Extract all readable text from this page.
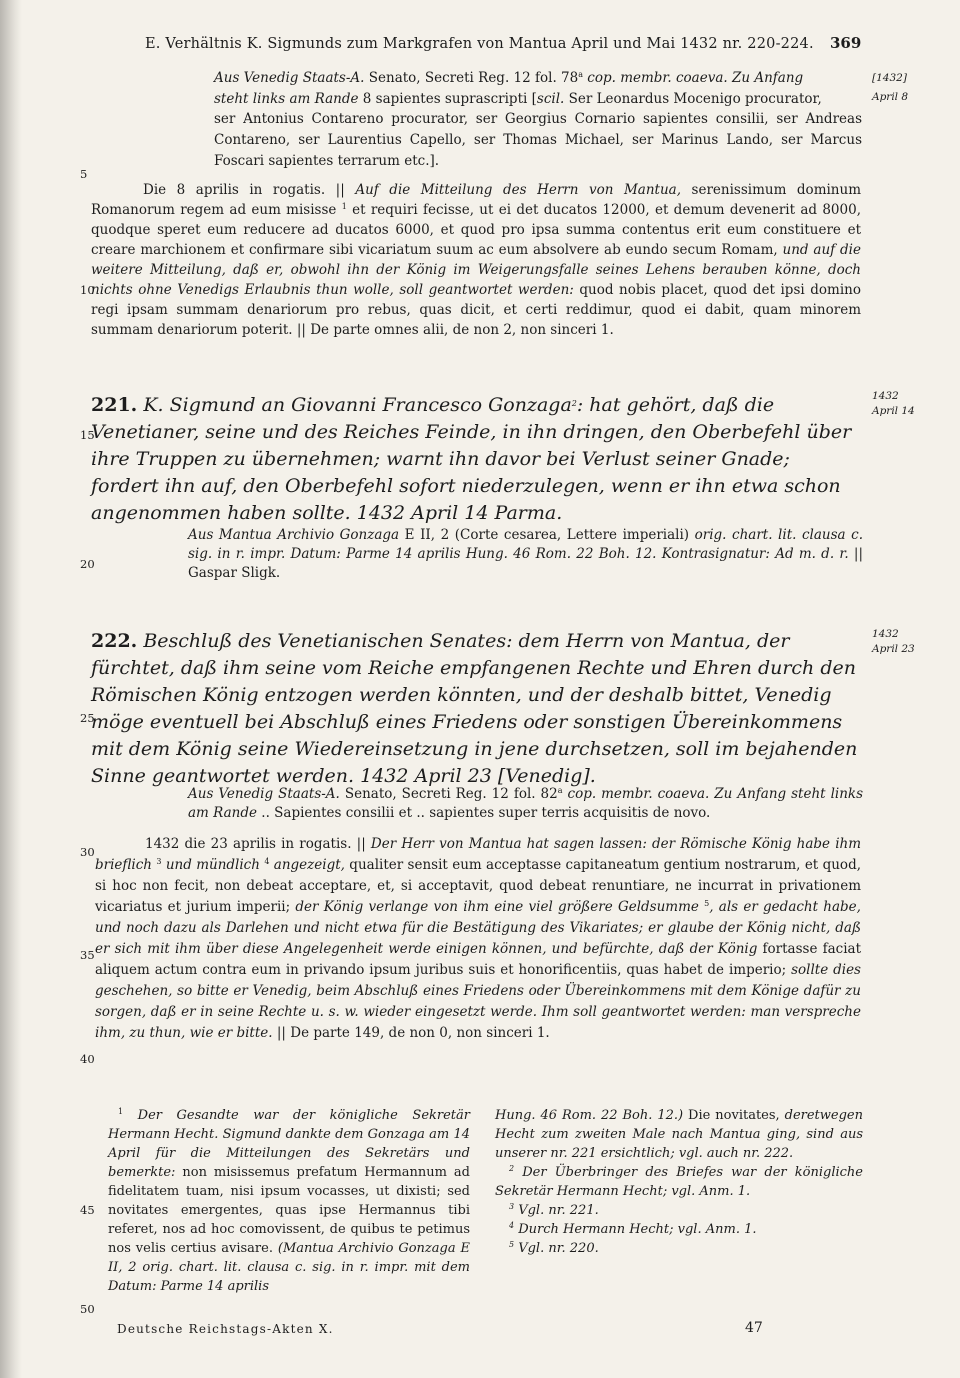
E. Verhältnis K. Sigmunds zum Markgrafen von Mantua April und Mai 1432 nr. 220-224. 369
Aus Venedig Staats-A. Senato, Secreti Reg. 12 fol. 78$^a$ cop. membr. coaeva. Zu Anfang
steht links am Rande 8 sapientes suprascripti [scil. Ser Leonardus Mocenigo procurator,
ser Antonius Contareno procurator, ser Georgius Cornario sapientes consilii, ser Andreas Contareno, ser Laurentius Capello, ser Thomas Michael, ser Marinus Lando, ser Marcus Foscari sapientes terrarum etc.].
[1432]
April 8
Die 8 aprilis in rogatis. || Auf die Mitteilung des Herrn von Mantua, serenissimum dominum Romanorum regem ad eum misisse $^1$ et requiri fecisse, ut ei det ducatos 12000, et demum devenerit ad 8000, quodque speret eum reducere ad ducatos 6000, et quod pro ipsa summa contentus erit eum constituere et creare marchionem et confirmare sibi vicariatum suum ac eum absolvere ab eundo secum Romam, und auf die weitere Mitteilung, daß er, obwohl ihn der König im Weigerungsfalle seines Lehens berauben könne, doch nichts ohne Venedigs Erlaubnis thun wolle, soll geantwortet werden: quod nobis placet, quod det ipsi domino regi ipsam summam denariorum pro rebus, quas dicit, et certi reddimur, quod ei dabit, quam minorem summam denariorum poterit. || De parte omnes alii, de non 2, non sinceri 1.
221. K. Sigmund an Giovanni Francesco Gonzaga$^2$: hat gehört, daß die Venetianer, seine und des Reiches Feinde, in ihn dringen, den Oberbefehl über ihre Truppen zu übernehmen; warnt ihn davor bei Verlust seiner Gnade; fordert ihn auf, den Oberbefehl sofort niederzulegen, wenn er ihn etwa schon angenommen haben sollte. 1432 April 14 Parma.
1432
April 14
Aus Mantua Archivio Gonzaga E II, 2 (Corte cesarea, Lettere imperiali) orig. chart. lit. clausa c. sig. in r. impr. Datum: Parme 14 aprilis Hung. 46 Rom. 22 Boh. 12. Kontrasignatur: Ad m. d. r. || Gaspar Sligk.
222. Beschluß des Venetianischen Senates: dem Herrn von Mantua, der fürchtet, daß ihm seine vom Reiche empfangenen Rechte und Ehren durch den Römischen König entzogen werden könnten, und der deshalb bittet, Venedig möge eventuell bei Abschluß eines Friedens oder sonstigen Übereinkommens mit dem König seine Wiedereinsetzung in jene durchsetzen, soll im bejahenden Sinne geantwortet werden. 1432 April 23 [Venedig].
1432
April 23
Aus Venedig Staats-A. Senato, Secreti Reg. 12 fol. 82$^a$ cop. membr. coaeva. Zu Anfang steht links am Rande .. Sapientes consilii et .. sapientes super terris acquisitis de novo.
1432 die 23 aprilis in rogatis. || Der Herr von Mantua hat sagen lassen: der Römische König habe ihm brieflich $^3$ und mündlich $^4$ angezeigt, qualiter sensit eum acceptasse capitaneatum gentium nostrarum, et quod, si hoc non fecit, non debeat acceptare, et, si acceptavit, quod debeat renuntiare, ne incurrat in privationem vicariatus et jurium imperii; der König verlange von ihm eine viel größere Geldsumme $^5$, als er gedacht habe, und noch dazu als Darlehen und nicht etwa für die Bestätigung des Vikariates; er glaube der König nicht, daß er sich mit ihm über diese Angelegenheit werde einigen können, und befürchte, daß der König fortasse faciat aliquem actum contra eum in privando ipsum juribus suis et honorificentiis, quas habet de imperio; sollte dies geschehen, so bitte er Venedig, beim Abschluß eines Friedens oder Übereinkommens mit dem Könige dafür zu sorgen, daß er in seine Rechte u. s. w. wieder eingesetzt werde. Ihm soll geantwortet werden: man verspreche ihm, zu thun, wie er bitte. || De parte 149, de non 0, non sinceri 1.
5
10
15
20
25
30
35
40
45
50

$^1$ Der Gesandte war der königliche Sekretär Hermann Hecht. Sigmund dankte dem Gonzaga am 14 April für die Mitteilungen des Sekretärs und bemerkte: non misissemus prefatum Hermannum ad fidelitatem tuam, nisi ipsum vocasses, ut dixisti; sed novitates emergentes, quas ipse Hermannus tibi referet, nos ad hoc comovissent, de quibus te petimus nos velis certius avisare. (Mantua Archivio Gonzaga E II, 2 orig. chart. lit. clausa c. sig. in r. impr. mit dem Datum: Parme 14 aprilis

Hung. 46 Rom. 22 Boh. 12.) Die novitates, deretwegen Hecht zum zweiten Male nach Mantua ging, sind aus unserer nr. 221 ersichtlich; vgl. auch nr. 222.

$^2$ Der Überbringer des Briefes war der königliche Sekretär Hermann Hecht; vgl. Anm. 1.

$^3$ Vgl. nr. 221.

$^4$ Durch Hermann Hecht; vgl. Anm. 1.

$^5$ Vgl. nr. 220.

Deutsche Reichstags-Akten X.	47
